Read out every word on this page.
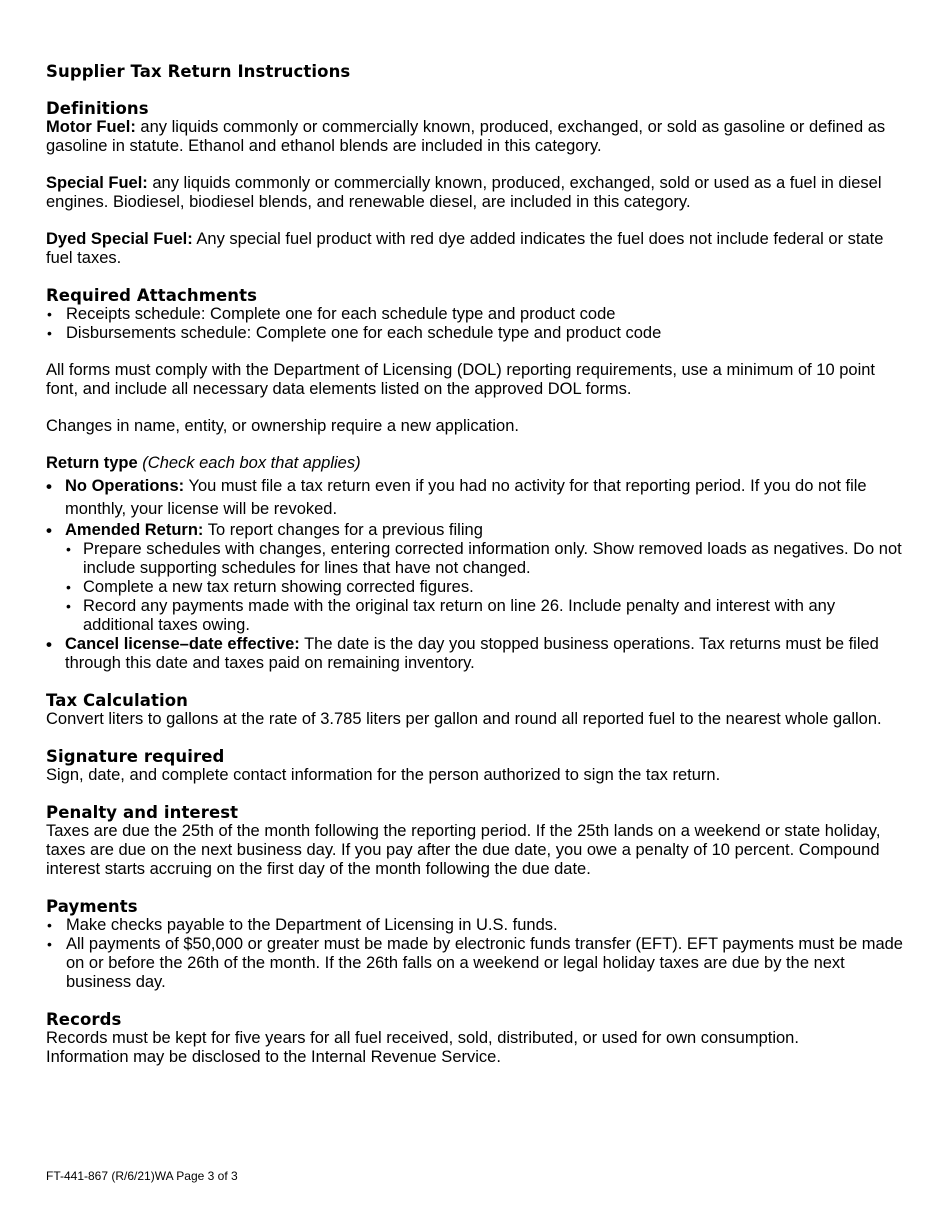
Supplier Tax Return Instructions
Definitions

Motor Fuel: any liquids commonly or commercially known, produced, exchanged, or sold as gasoline or defined as gasoline in statute. Ethanol and ethanol blends are included in this category.

Special Fuel: any liquids commonly or commercially known, produced, exchanged, sold or used as a fuel in diesel engines. Biodiesel, biodiesel blends, and renewable diesel, are included in this category.

Dyed Special Fuel: Any special fuel product with red dye added indicates the fuel does not include federal or state fuel taxes.

Required Attachments
• Receipts schedule: Complete one for each schedule type and product code
• Disbursements schedule: Complete one for each schedule type and product code

All forms must comply with the Department of Licensing (DOL) reporting requirements, use a minimum of 10 point font, and include all necessary data elements listed on the approved DOL forms.

Changes in name, entity, or ownership require a new application.

Return type (Check each box that applies)

• No Operations: You must file a tax return even if you had no activity for that reporting period. If you do not file monthly, your license will be revoked.
• Amended Return: To report changes for a previous filing
• Prepare schedules with changes, entering corrected information only. Show removed loads as negatives. Do not include supporting schedules for lines that have not changed.
• Complete a new tax return showing corrected figures.
• Record any payments made with the original tax return on line 26. Include penalty and interest with any additional taxes owing.
• Cancel license–date effective: The date is the day you stopped business operations. Tax returns must be filed through this date and taxes paid on remaining inventory.
Tax Calculation

Convert liters to gallons at the rate of 3.785 liters per gallon and round all reported fuel to the nearest whole gallon.

Signature required

Sign, date, and complete contact information for the person authorized to sign the tax return.

Penalty and interest

Taxes are due the 25th of the month following the reporting period. If the 25th lands on a weekend or state holiday, taxes are due on the next business day. If you pay after the due date, you owe a penalty of 10 percent. Compound interest starts accruing on the first day of the month following the due date.

Payments
• Make checks payable to the Department of Licensing in U.S. funds.
• All payments of $50,000 or greater must be made by electronic funds transfer (EFT). EFT payments must be made on or before the 26th of the month. If the 26th falls on a weekend or legal holiday taxes are due by the next business day.
Records

Records must be kept for five years for all fuel received, sold, distributed, or used for own consumption.

Information may be disclosed to the Internal Revenue Service.

FT-441-867 (R/6/21)WA Page 3 of 3
